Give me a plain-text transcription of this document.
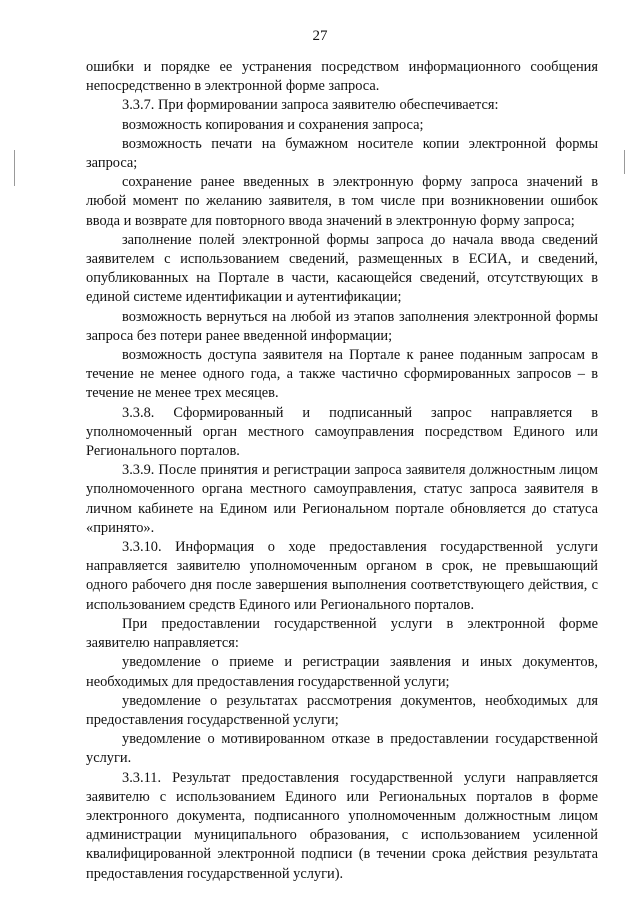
27

ошибки и порядке ее устранения посредством информационного сообщения непосредственно в электронной форме запроса.

3.3.7. При формировании запроса заявителю обеспечивается:

возможность копирования и сохранения запроса;

возможность печати на бумажном носителе копии электронной формы запроса;

сохранение ранее введенных в электронную форму запроса значений в любой момент по желанию заявителя, в том числе при возникновении ошибок ввода и возврате для повторного ввода значений в электронную форму запроса;

заполнение полей электронной формы запроса до начала ввода сведений заявителем с использованием сведений, размещенных в ЕСИА, и сведений, опубликованных на Портале в части, касающейся сведений, отсутствующих в единой системе идентификации и аутентификации;

возможность вернуться на любой из этапов заполнения электронной формы запроса без потери ранее введенной информации;

возможность доступа заявителя на Портале к ранее поданным запросам в течение не менее одного года, а также частично сформированных запросов – в течение не менее трех месяцев.

3.3.8. Сформированный и подписанный запрос направляется в уполномоченный орган местного самоуправления посредством Единого или Регионального порталов.

3.3.9. После принятия и регистрации запроса заявителя должностным лицом уполномоченного органа местного самоуправления, статус запроса заявителя в личном кабинете на Едином или Региональном портале обновляется до статуса «принято».

3.3.10. Информация о ходе предоставления государственной услуги направляется заявителю уполномоченным органом в срок, не превышающий одного рабочего дня после завершения выполнения соответствующего действия, с использованием средств Единого или Регионального порталов.

При предоставлении государственной услуги в электронной форме заявителю направляется:

уведомление о приеме и регистрации заявления и иных документов, необходимых для предоставления государственной услуги;

уведомление о результатах рассмотрения документов, необходимых для предоставления государственной услуги;

уведомление о мотивированном отказе в предоставлении государственной услуги.

3.3.11. Результат предоставления государственной услуги направляется заявителю с использованием Единого или Региональных порталов в форме электронного документа, подписанного уполномоченным должностным лицом администрации муниципального образования, с использованием усиленной квалифицированной электронной подписи (в течении срока действия результата предоставления государственной услуги).
